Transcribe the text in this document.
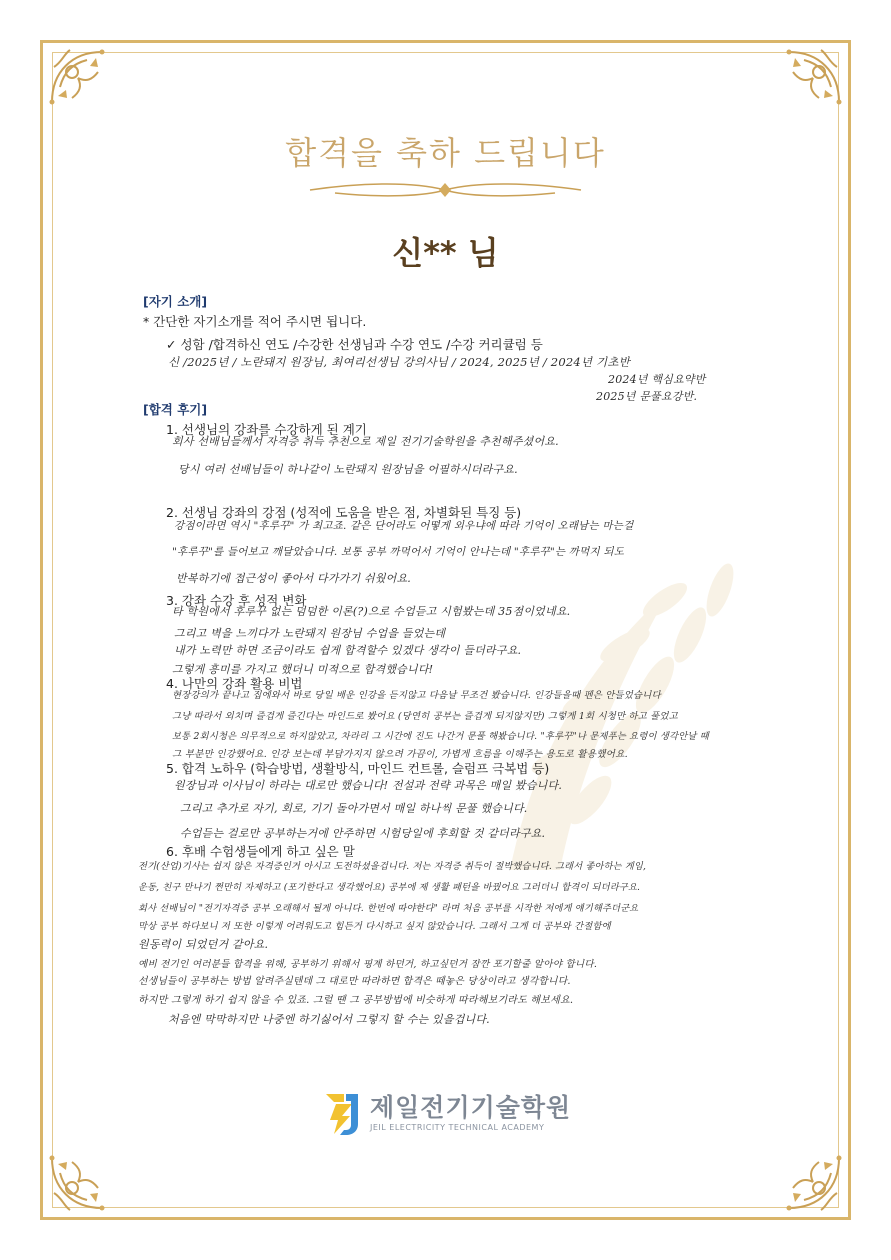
합격을 축하 드립니다
신** 님
[자기 소개]
* 간단한 자기소개를 적어 주시면 됩니다.
✓ 성함 /합격하신 연도 /수강한 선생님과 수강 연도 /수강 커리큘럼 등
신 /2025년 / 노란돼지 원장님, 최여리선생님 강의사님 / 2024, 2025년 / 2024년 기초반
2024년 핵심요약반
2025년 문풀요강반.
[합격 후기]
1. 선생님의 강좌를 수강하게 된 계기
회사 선배님들께서 자격증 취득 추천으로 제일 전기기술학원을 추천해주셨어요.
당시 여러 선배님들이 하나같이 노란돼지 원장님을 어필하시더라구요.
2. 선생님 강좌의 강점 (성적에 도움을 받은 점, 차별화된 특징 등)
강점이라면 역시 "후루꾸" 가 최고죠. 같은 단어라도 어떻게 외우냐에 따라 기억이 오래남는 마는걸
"후루꾸"를 들어보고 깨달았습니다. 보통 공부 까먹어서 기억이 안나는데 "후루꾸"는 까먹지 되도
반복하기에 접근성이 좋아서 다가가기 쉬웠어요.
3. 강좌 수강 후 성적 변화
타 학원에서 후루꾸 없는 덤덤한 이론(?)으로 수업듣고 시험봤는데 35점이었네요.
그리고 벽을 느끼다가 노란돼지 원장님 수업을 들었는데
내가 노력만 하면 조금이라도 쉽게 합격할수 있겠다 생각이 들더라구요.
그렇게 흥미를 가지고 했더니 미적으로 합격했습니다!
4. 나만의 강좌 활용 비법
현장강의가 끝나고 집에와서 바로 당일 배운 인강을 듣지않고 다음날 무조건 봤습니다. 인강들을때 펜은 안들었습니다
그냥 따라서 외치며 즐겁게 즐긴다는 마인드로 봤어요 (당연히 공부는 즐겁게 되지않지만) 그렇게 1회 시청만 하고 풀었고
보통 2회시청은 의무적으로 하지않았고, 차라리 그 시간에 진도 나간거 문풀 해봤습니다. "후루꾸"나 문제푸는 요령이 생각안날 때
그 부분만 인강했어요. 인강 보는데 부담가지지 않으려 가끔이, 가볍게 흐름을 이해주는 용도로 활용했어요.
5. 합격 노하우 (학습방법, 생활방식, 마인드 컨트롤, 슬럼프 극복법 등)
원장님과 이사님이 하라는 대로만 했습니다! 전설과 전략 과목은 매일 봤습니다.
그리고 추가로 자기, 회로, 기기 돌아가면서 매일 하나씩 문풀 했습니다.
수업듣는 걸로만 공부하는거에 안주하면 시험당일에 후회할 것 같더라구요.
6. 후배 수험생들에게 하고 싶은 말
전기(산업)기사는 쉽지 않은 자격증인거 아시고 도전하셨을겁니다. 저는 자격증 취득이 절박했습니다. 그래서 좋아하는 게임,
운동, 친구 만나기 쩐만히 자제하고 (포기한다고 생각했어요) 공부에 제 생활 패턴을 바꿨어요 그러더니 합격이 되더라구요.
회사 선배님이 "전기자격증 공부 오래해서 될게 아니다. 한번에 따야한다" 라며 처음 공부를 시작한 저에게 얘기해주더군요
막상 공부 하다보니 저 또한 이렇게 어려워도고 힘든거 다시하고 싶지 않았습니다. 그래서 그게 더 공부와 간절함에
원동력이 되었던거 같아요.
예비 전기인 여러분들 합격을 위해, 공부하기 위해서 핑계 하던거, 하고싶던거 잠깐 포기할줄 알아야 합니다.
선생님들이 공부하는 방법 알려주실텐데 그 대로만 따라하면 합격은 떼놓은 당상이라고 생각합니다.
하지만 그렇게 하기 쉽지 않을 수 있죠. 그럴 땐 그 공부방법에 비슷하게 따라해보기라도 해보세요.
처음엔 막막하지만 나중엔 하기싫어서 그렇지 할 수는 있을겁니다.
제일전기기술학원
JEIL ELECTRICITY TECHNICAL ACADEMY
